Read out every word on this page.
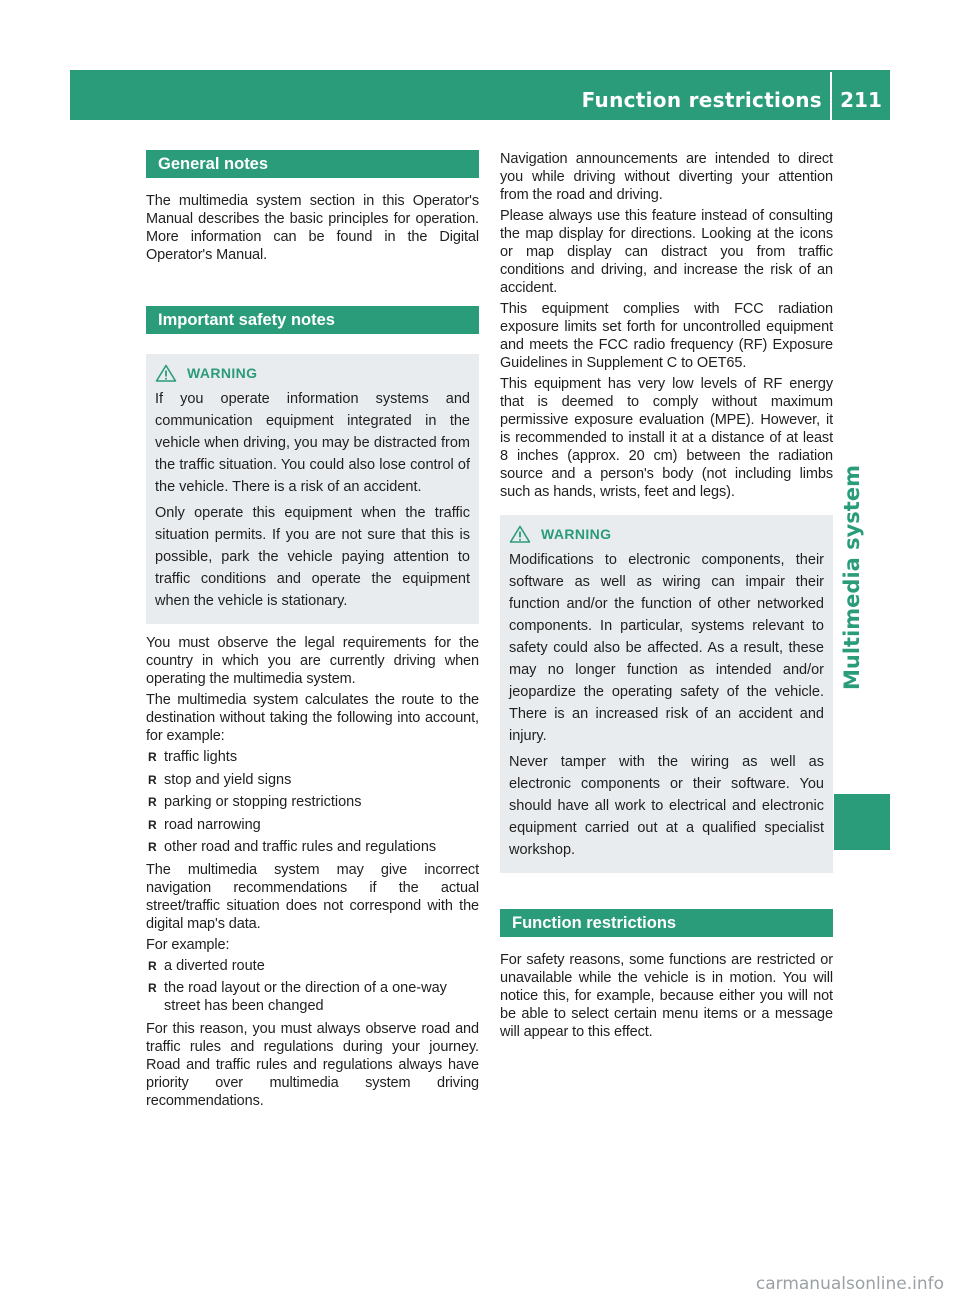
Function restrictions 211
Multimedia system
General notes

The multimedia system section in this Operator's Manual describes the basic principles for operation. More information can be found in the Digital Operator's Manual.

Important safety notes
WARNING

If you operate information systems and communication equipment integrated in the vehicle when driving, you may be distracted from the traffic situation. You could also lose control of the vehicle. There is a risk of an accident.

Only operate this equipment when the traffic situation permits. If you are not sure that this is possible, park the vehicle paying attention to traffic conditions and operate the equipment when the vehicle is stationary.

You must observe the legal requirements for the country in which you are currently driving when operating the multimedia system.

The multimedia system calculates the route to the destination without taking the following into account, for example:

R traffic lights
R stop and yield signs
R parking or stopping restrictions
R road narrowing
R other road and traffic rules and regulations

The multimedia system may give incorrect navigation recommendations if the actual street/traffic situation does not correspond with the digital map's data.

For example:

R a diverted route
R the road layout or the direction of a one-way street has been changed

For this reason, you must always observe road and traffic rules and regulations during your journey. Road and traffic rules and regulations always have priority over multimedia system driving recommendations.

Navigation announcements are intended to direct you while driving without diverting your attention from the road and driving.

Please always use this feature instead of consulting the map display for directions. Looking at the icons or map display can distract you from traffic conditions and driving, and increase the risk of an accident.

This equipment complies with FCC radiation exposure limits set forth for uncontrolled equipment and meets the FCC radio frequency (RF) Exposure Guidelines in Supplement C to OET65.

This equipment has very low levels of RF energy that is deemed to comply without maximum permissive exposure evaluation (MPE). However, it is recommended to install it at a distance of at least 8 inches (approx. 20 cm) between the radiation source and a person's body (not including limbs such as hands, wrists, feet and legs).

WARNING

Modifications to electronic components, their software as well as wiring can impair their function and/or the function of other networked components. In particular, systems relevant to safety could also be affected. As a result, these may no longer function as intended and/or jeopardize the operating safety of the vehicle. There is an increased risk of an accident and injury.

Never tamper with the wiring as well as electronic components or their software. You should have all work to electrical and electronic equipment carried out at a qualified specialist workshop.

Function restrictions

For safety reasons, some functions are restricted or unavailable while the vehicle is in motion. You will notice this, for example, because either you will not be able to select certain menu items or a message will appear to this effect.

carmanualsonline.info
